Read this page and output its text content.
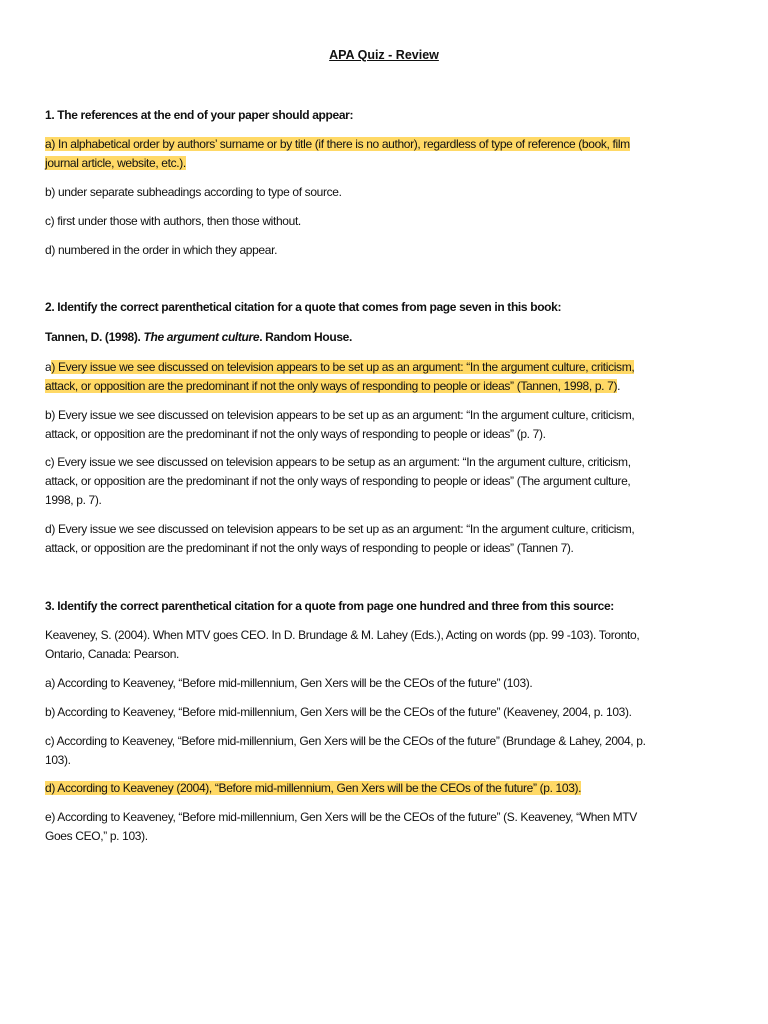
APA Quiz - Review
1. The references at the end of your paper should appear:
a) In alphabetical order by authors’ surname or by title (if there is no author), regardless of type of reference (book, film
journal article, website, etc.).
b) under separate subheadings according to type of source.
c) first under those with authors, then those without.
d) numbered in the order in which they appear.
2. Identify the correct parenthetical citation for a quote that comes from page seven in this book:
Tannen, D. (1998). The argument culture. Random House.
a) Every issue we see discussed on television appears to be set up as an argument: “In the argument culture, criticism,
attack, or opposition are the predominant if not the only ways of responding to people or ideas” (Tannen, 1998, p. 7).
b) Every issue we see discussed on television appears to be set up as an argument: “In the argument culture, criticism,
attack, or opposition are the predominant if not the only ways of responding to people or ideas” (p. 7).
c) Every issue we see discussed on television appears to be setup as an argument: “In the argument culture, criticism,
attack, or opposition are the predominant if not the only ways of responding to people or ideas” (The argument culture,
1998, p. 7).
d) Every issue we see discussed on television appears to be set up as an argument: “In the argument culture, criticism,
attack, or opposition are the predominant if not the only ways of responding to people or ideas” (Tannen 7).
3. Identify the correct parenthetical citation for a quote from page one hundred and three from this source:
Keaveney, S. (2004). When MTV goes CEO. In D. Brundage & M. Lahey (Eds.), Acting on words (pp. 99 -103). Toronto,
Ontario, Canada: Pearson.
a) According to Keaveney, “Before mid-millennium, Gen Xers will be the CEOs of the future” (103).
b) According to Keaveney, “Before mid-millennium, Gen Xers will be the CEOs of the future” (Keaveney, 2004, p. 103).
c) According to Keaveney, “Before mid-millennium, Gen Xers will be the CEOs of the future” (Brundage & Lahey, 2004, p.
103).
d) According to Keaveney (2004), “Before mid-millennium, Gen Xers will be the CEOs of the future” (p. 103).
e) According to Keaveney, “Before mid-millennium, Gen Xers will be the CEOs of the future” (S. Keaveney, “When MTV
Goes CEO,” p. 103).
